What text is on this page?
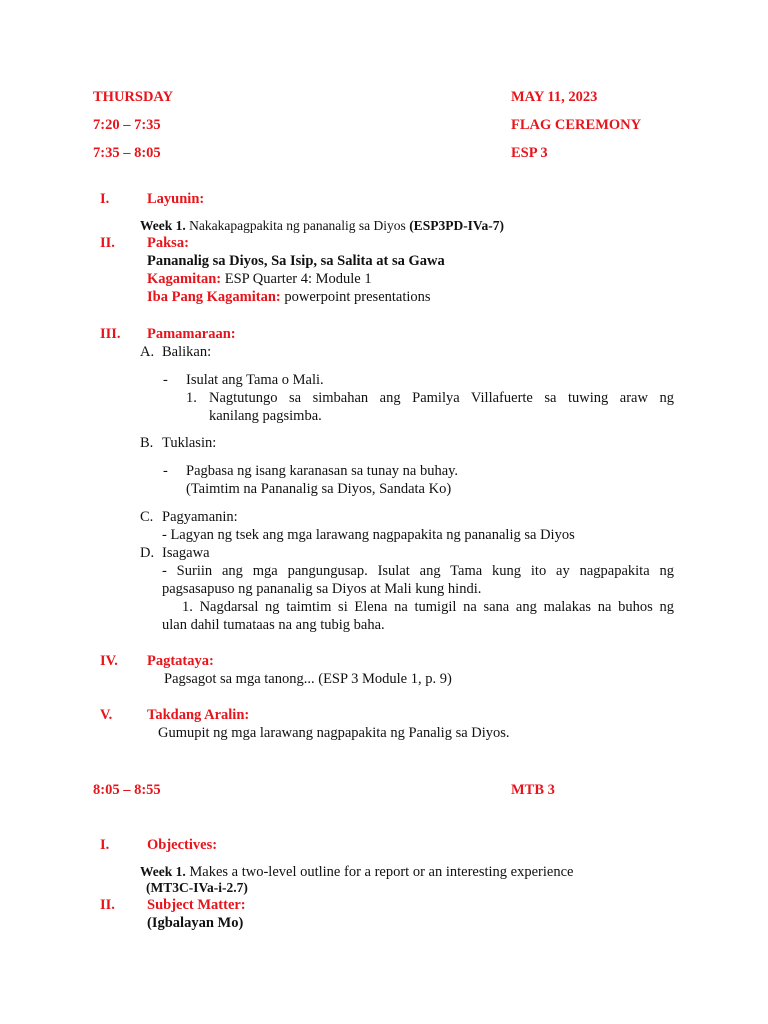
THURSDAY	MAY 11, 2023
7:20 – 7:35	FLAG CEREMONY
7:35 – 8:05	ESP 3
I.	Layunin:
Week 1. Nakakapagpakita ng pananalig sa Diyos (ESP3PD-IVa-7)
II. Paksa:
Pananalig sa Diyos, Sa Isip, sa Salita at sa Gawa
Kagamitan: ESP Quarter 4: Module 1
Iba Pang Kagamitan: powerpoint presentations
III. Pamamaraan:
A. Balikan:
- Isulat ang Tama o Mali.
1. Nagtutungo sa simbahan ang Pamilya Villafuerte sa tuwing araw ng
kanilang pagsimba.
B. Tuklasin:
- Pagbasa ng isang karanasan sa tunay na buhay.
(Taimtim na Pananalig sa Diyos, Sandata Ko)
C. Pagyamanin:
- Lagyan ng tsek ang mga larawang nagpapakita ng pananalig sa Diyos
D. Isagawa
- Suriin ang mga pangungusap. Isulat ang Tama kung ito ay nagpapakita ng
pagsasapuso ng pananalig sa Diyos at Mali kung hindi.
1. Nagdarsal ng taimtim si Elena na tumigil na sana ang malakas na buhos ng
ulan dahil tumataas na ang tubig baha.
IV. Pagtataya:
Pagsagot sa mga tanong... (ESP 3 Module 1, p. 9)
V. Takdang Aralin:
Gumupit ng mga larawang nagpapakita ng Panalig sa Diyos.
8:05 – 8:55	MTB 3
I.	Objectives:
Week 1. Makes a two-level outline for a report or an interesting experience
(MT3C-IVa-i-2.7)
II. Subject Matter:
(Igbalayan Mo)
